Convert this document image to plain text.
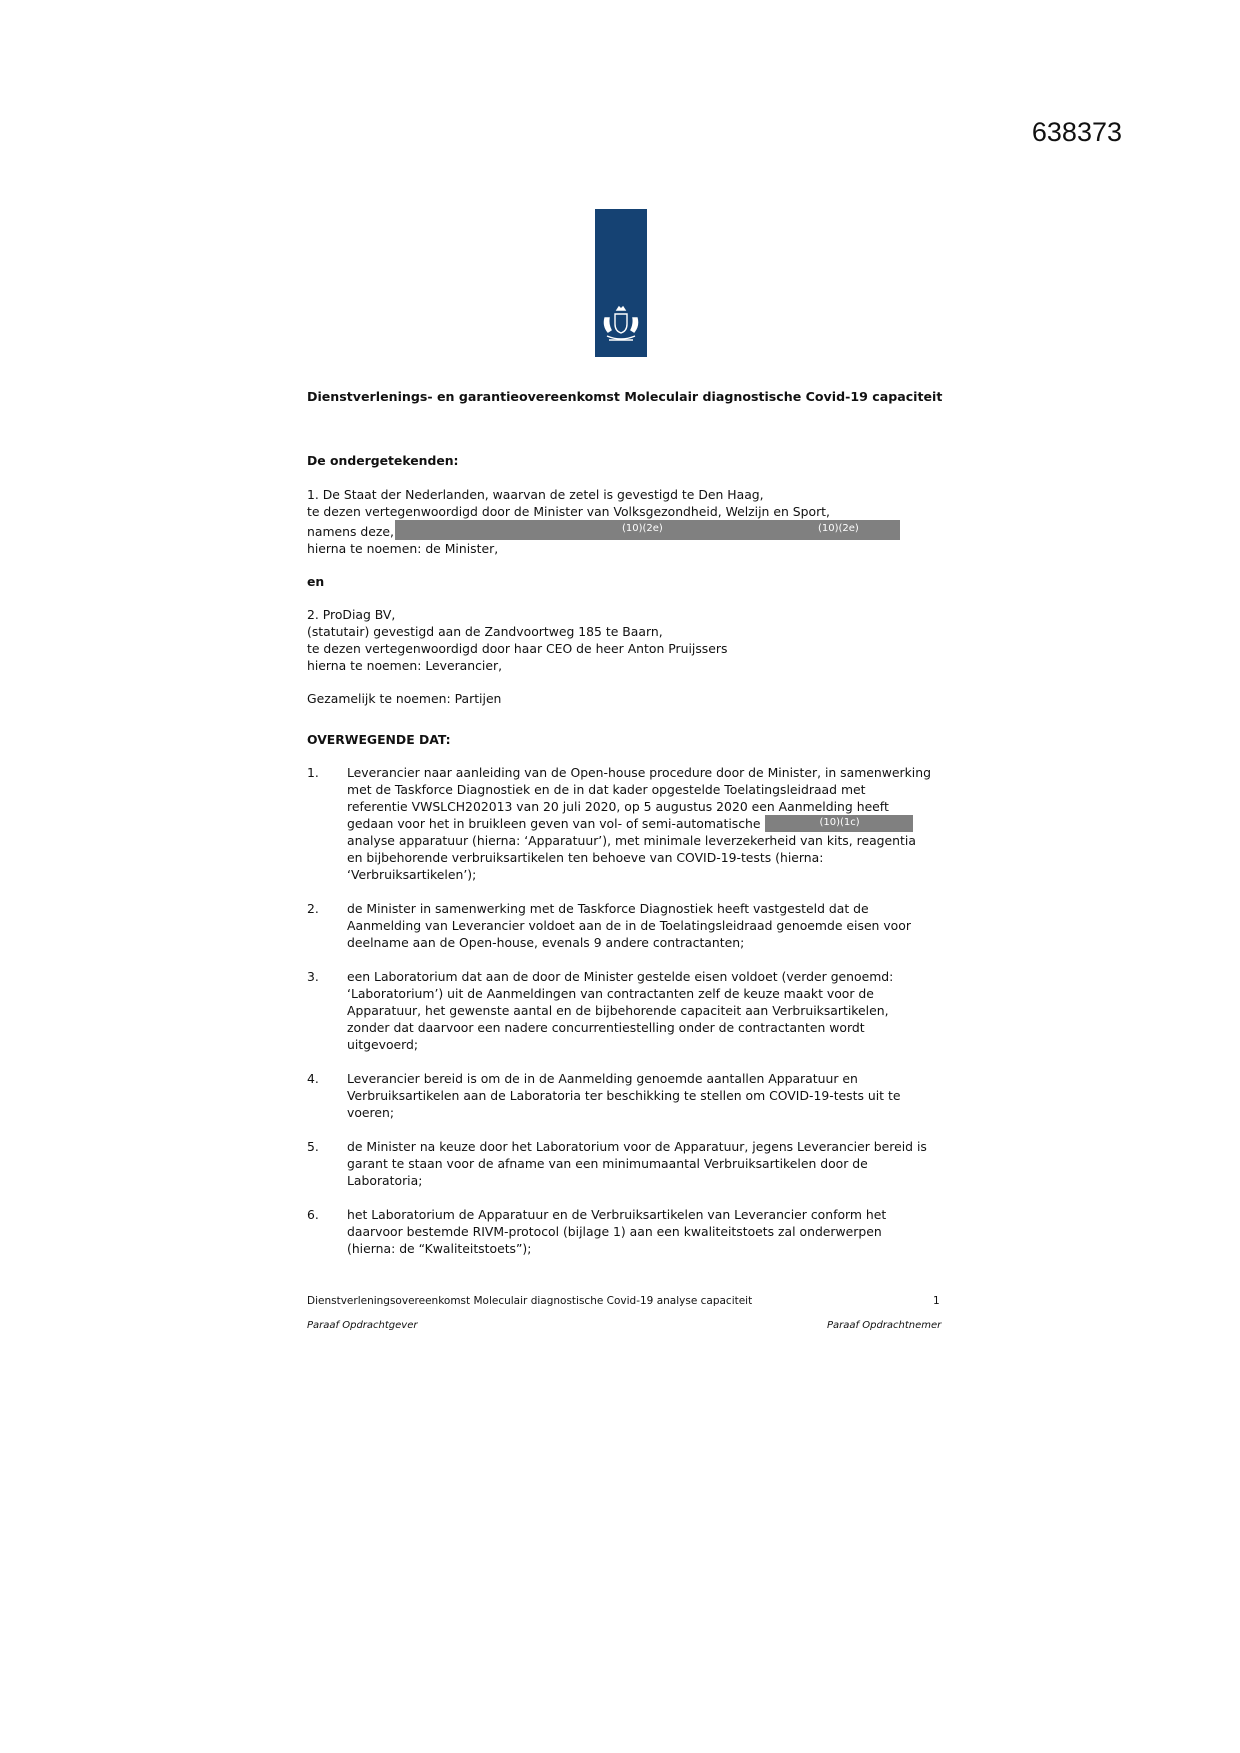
638373
Dienstverlenings- en garantieovereenkomst Moleculair diagnostische Covid-19 capaciteit
De ondergetekenden:
1. De Staat der Nederlanden, waarvan de zetel is gevestigd te Den Haag,
te dezen vertegenwoordigd door de Minister van Volksgezondheid, Welzijn en Sport,
namens deze,	(10)(2e)	(10)(2e)
hierna te noemen: de Minister,
en
2. ProDiag BV,
(statutair) gevestigd aan de Zandvoortweg 185 te Baarn,
te dezen vertegenwoordigd door haar CEO de heer Anton Pruijssers
hierna te noemen: Leverancier,
Gezamelijk te noemen: Partijen
OVERWEGENDE DAT:
1. Leverancier naar aanleiding van de Open-house procedure door de Minister, in samenwerking
met de Taskforce Diagnostiek en de in dat kader opgestelde Toelatingsleidraad met
referentie VWSLCH202013 van 20 juli 2020, op 5 augustus 2020 een Aanmelding heeft
gedaan voor het in bruikleen geven van vol- of semi-automatische	(10)(1c)
analyse apparatuur (hierna: ‘Apparatuur’), met minimale leverzekerheid van kits, reagentia
en bijbehorende verbruiksartikelen ten behoeve van COVID-19-tests (hierna:
‘Verbruiksartikelen’);
2. de Minister in samenwerking met de Taskforce Diagnostiek heeft vastgesteld dat de
Aanmelding van Leverancier voldoet aan de in de Toelatingsleidraad genoemde eisen voor
deelname aan de Open-house, evenals 9 andere contractanten;
3. een Laboratorium dat aan de door de Minister gestelde eisen voldoet (verder genoemd:
‘Laboratorium’) uit de Aanmeldingen van contractanten zelf de keuze maakt voor de
Apparatuur, het gewenste aantal en de bijbehorende capaciteit aan Verbruiksartikelen,
zonder dat daarvoor een nadere concurrentiestelling onder de contractanten wordt
uitgevoerd;
4. Leverancier bereid is om de in de Aanmelding genoemde aantallen Apparatuur en
Verbruiksartikelen aan de Laboratoria ter beschikking te stellen om COVID-19-tests uit te
voeren;
5. de Minister na keuze door het Laboratorium voor de Apparatuur, jegens Leverancier bereid is
garant te staan voor de afname van een minimumaantal Verbruiksartikelen door de
Laboratoria;
6. het Laboratorium de Apparatuur en de Verbruiksartikelen van Leverancier conform het
daarvoor bestemde RIVM-protocol (bijlage 1) aan een kwaliteitstoets zal onderwerpen
(hierna: de “Kwaliteitstoets”);
Dienstverleningsovereenkomst Moleculair diagnostische Covid-19 analyse capaciteit	1
Paraaf Opdrachtgever	Paraaf Opdrachtnemer
